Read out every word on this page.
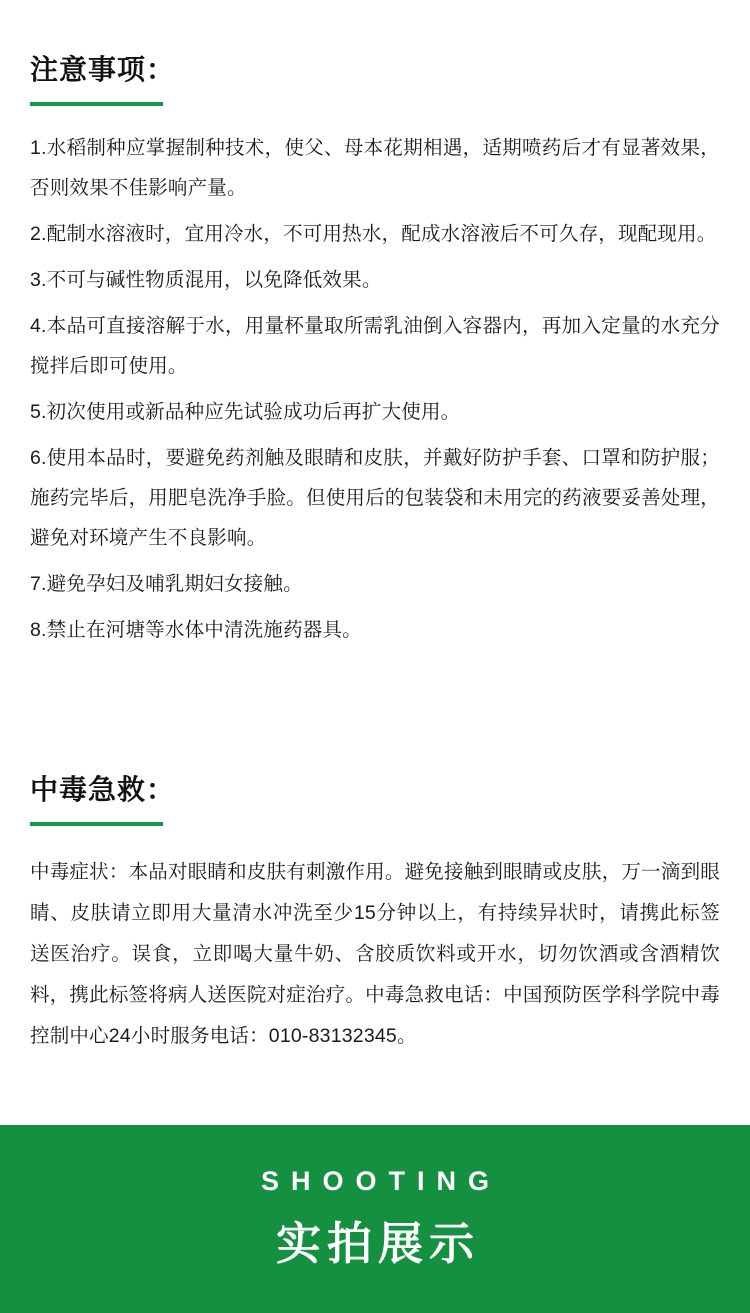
注意事项：

1.水稻制种应掌握制种技术，使父、母本花期相遇，适期喷药后才有显著效果，否则效果不佳影响产量。

2.配制水溶液时，宜用冷水，不可用热水，配成水溶液后不可久存，现配现用。

3.不可与碱性物质混用，以免降低效果。

4.本品可直接溶解于水，用量杯量取所需乳油倒入容器内，再加入定量的水充分搅拌后即可使用。

5.初次使用或新品种应先试验成功后再扩大使用。

6.使用本品时，要避免药剂触及眼睛和皮肤，并戴好防护手套、口罩和防护服；施药完毕后，用肥皂洗净手脸。但使用后的包装袋和未用完的药液要妥善处理，避免对环境产生不良影响。

7.避免孕妇及哺乳期妇女接触。

8.禁止在河塘等水体中清洗施药器具。

中毒急救：

中毒症状：本品对眼睛和皮肤有刺激作用。避免接触到眼睛或皮肤，万一滴到眼睛、皮肤请立即用大量清水冲洗至少15分钟以上，有持续异状时，请携此标签送医治疗。误食，立即喝大量牛奶、含胶质饮料或开水，切勿饮酒或含酒精饮料，携此标签将病人送医院对症治疗。中毒急救电话：中国预防医学科学院中毒控制中心24小时服务电话：010-83132345。

SHOOTING
实拍展示
